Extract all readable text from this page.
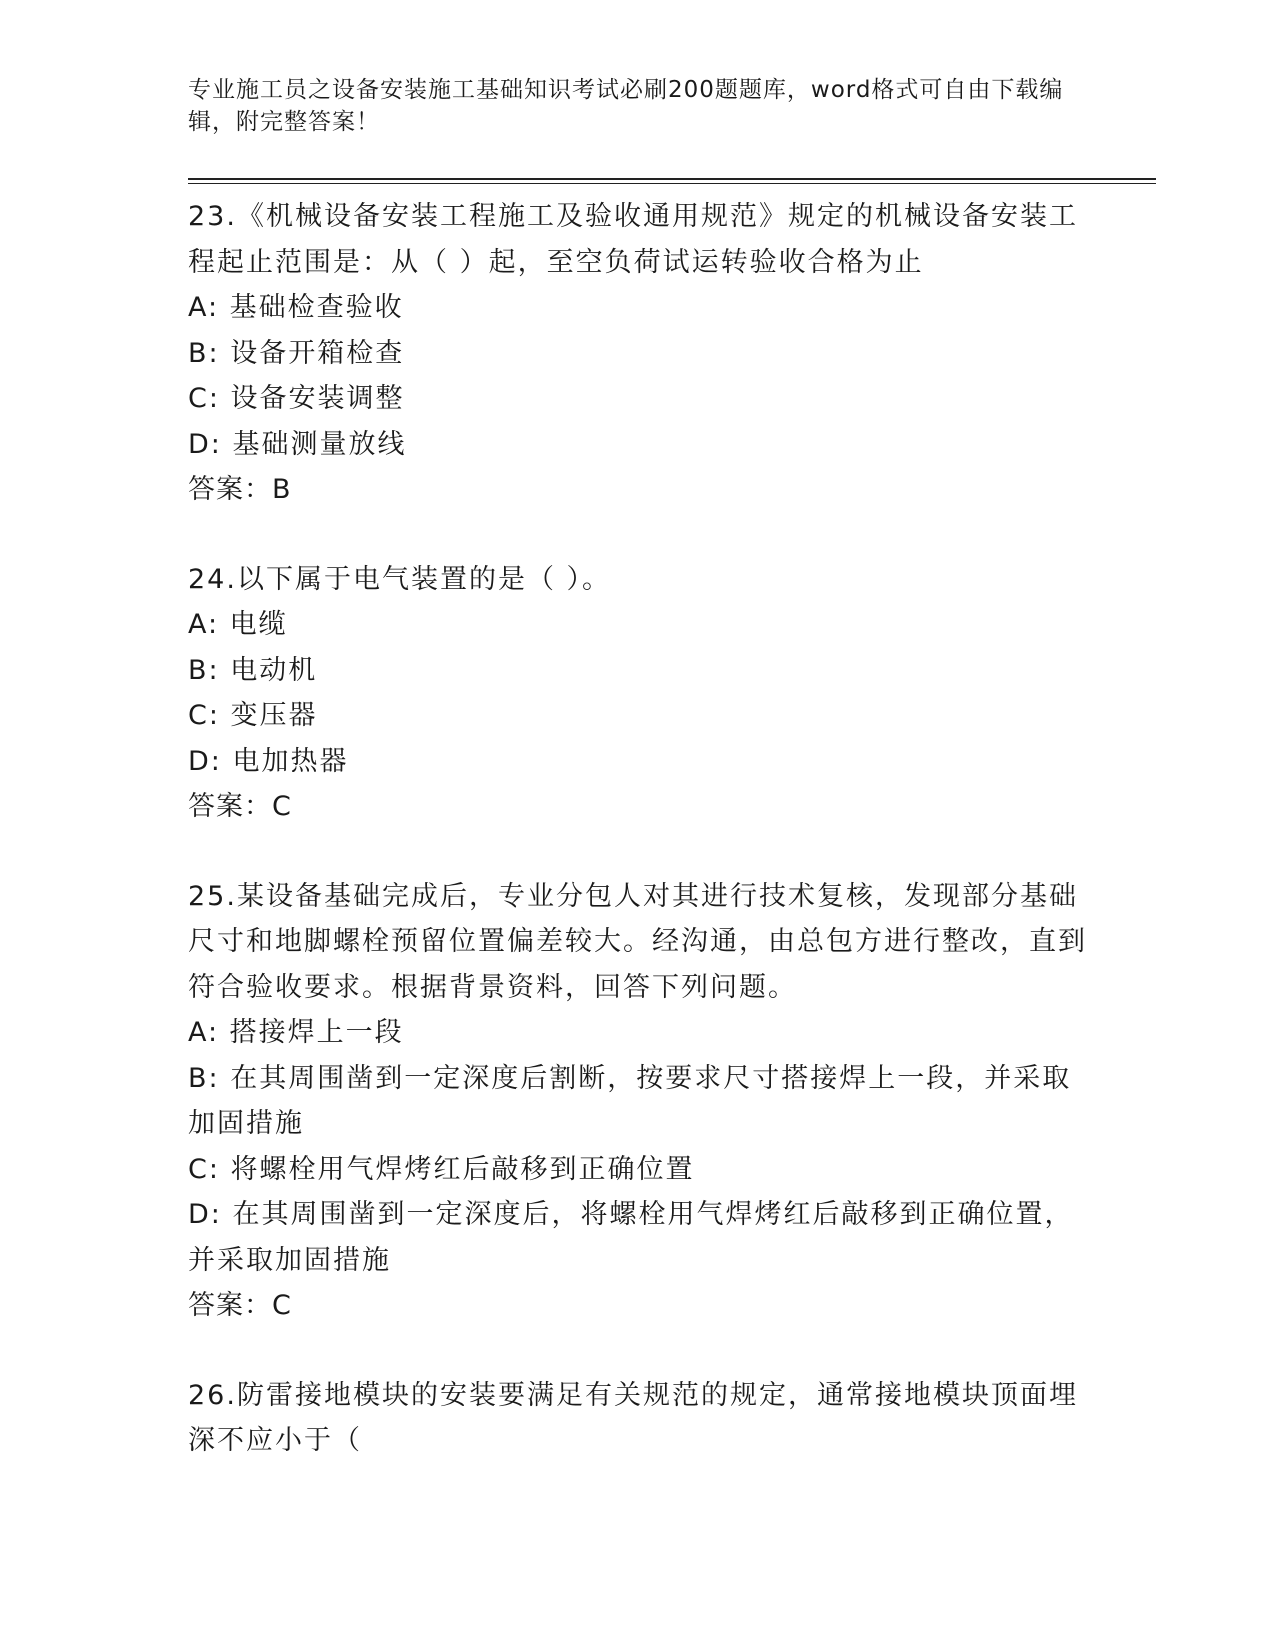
专业施工员之设备安装施工基础知识考试必刷200题题库，word格式可自由下载编辑，附完整答案！

23.《机械设备安装工程施工及验收通用规范》规定的机械设备安装工程起止范围是：从（ ）起，至空负荷试运转验收合格为止

A: 基础检查验收

B: 设备开箱检查

C: 设备安装调整

D: 基础测量放线

答案：B

24.以下属于电气装置的是（ ）。

A: 电缆

B: 电动机

C: 变压器

D: 电加热器

答案：C

25.某设备基础完成后，专业分包人对其进行技术复核，发现部分基础尺寸和地脚螺栓预留位置偏差较大。经沟通，由总包方进行整改，直到符合验收要求。根据背景资料，回答下列问题。

A: 搭接焊上一段

B: 在其周围凿到一定深度后割断，按要求尺寸搭接焊上一段，并采取加固措施

C: 将螺栓用气焊烤红后敲移到正确位置

D: 在其周围凿到一定深度后，将螺栓用气焊烤红后敲移到正确位置，并采取加固措施

答案：C

26.防雷接地模块的安装要满足有关规范的规定，通常接地模块顶面埋深不应小于（
